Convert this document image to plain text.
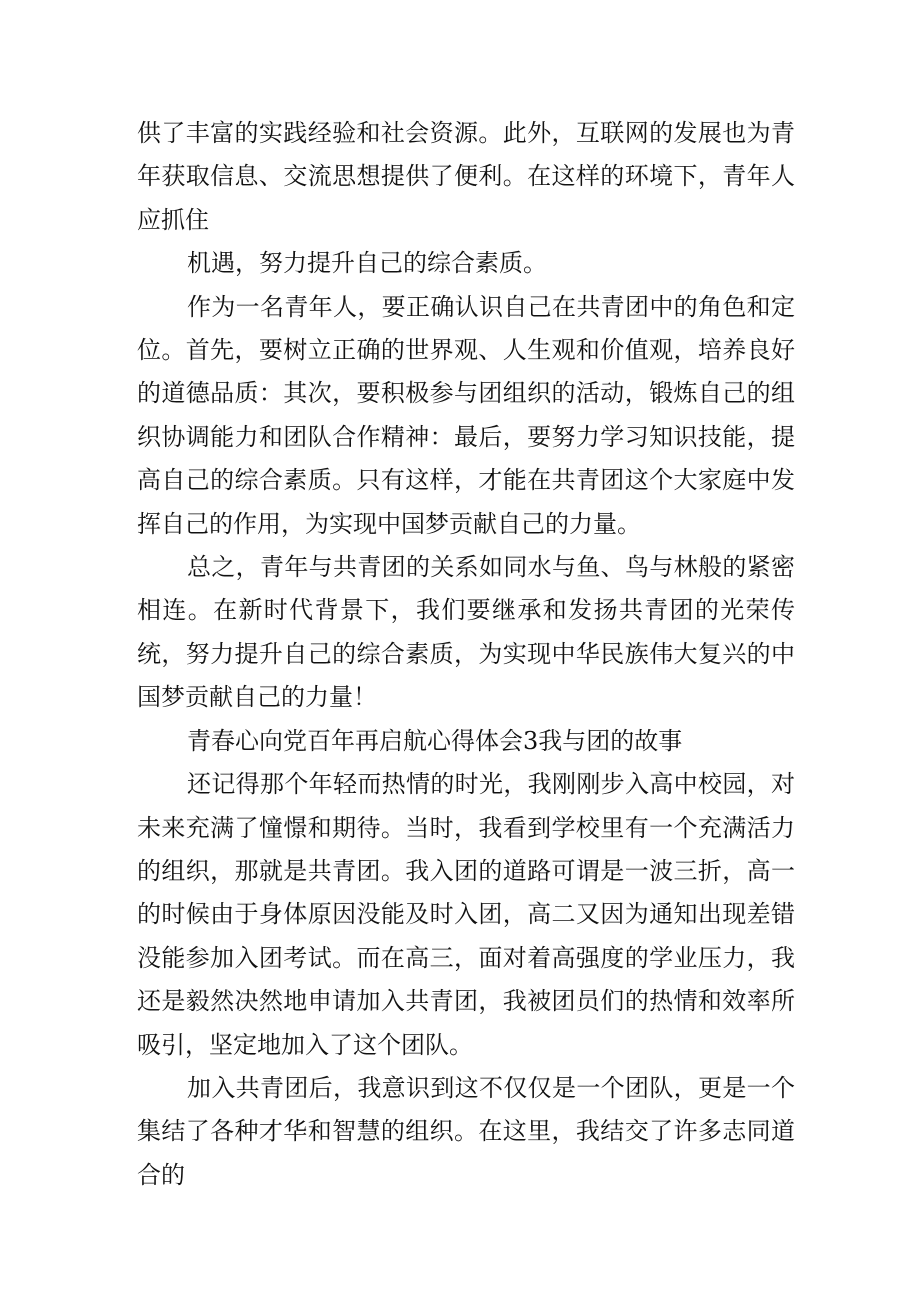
供了丰富的实践经验和社会资源。此外，互联网的发展也为青年获取信息、交流思想提供了便利。在这样的环境下，青年人应抓住

机遇，努力提升自己的综合素质。

作为一名青年人，要正确认识自己在共青团中的角色和定位。首先，要树立正确的世界观、人生观和价值观，培养良好的道德品质：其次，要积极参与团组织的活动，锻炼自己的组织协调能力和团队合作精神：最后，要努力学习知识技能，提高自己的综合素质。只有这样，才能在共青团这个大家庭中发挥自己的作用，为实现中国梦贡献自己的力量。

总之，青年与共青团的关系如同水与鱼、鸟与林般的紧密相连。在新时代背景下，我们要继承和发扬共青团的光荣传统，努力提升自己的综合素质，为实现中华民族伟大复兴的中国梦贡献自己的力量！

青春心向党百年再启航心得体会3我与团的故事

还记得那个年轻而热情的时光，我刚刚步入高中校园，对未来充满了憧憬和期待。当时，我看到学校里有一个充满活力的组织，那就是共青团。我入团的道路可谓是一波三折，高一的时候由于身体原因没能及时入团，高二又因为通知出现差错没能参加入团考试。而在高三，面对着高强度的学业压力，我还是毅然决然地申请加入共青团，我被团员们的热情和效率所吸引，坚定地加入了这个团队。

加入共青团后，我意识到这不仅仅是一个团队，更是一个集结了各种才华和智慧的组织。在这里，我结交了许多志同道合的
